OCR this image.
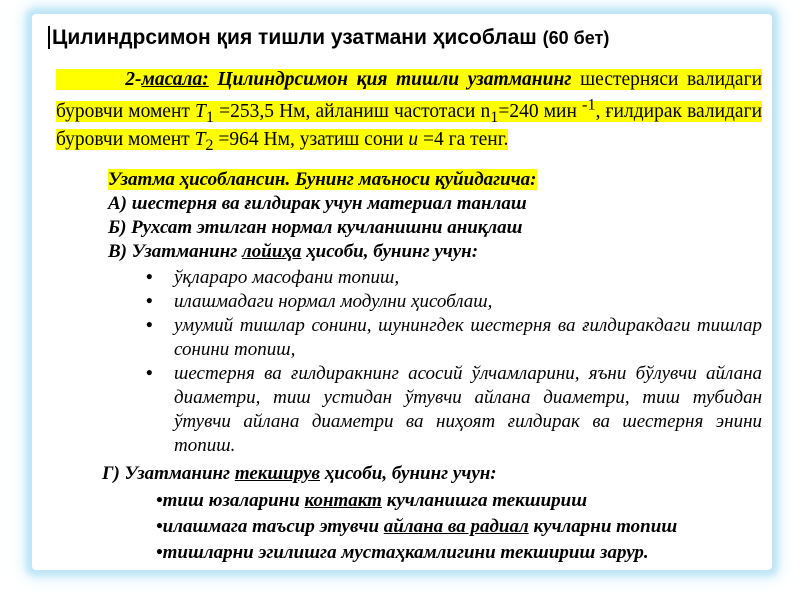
Цилиндрсимон қия тишли узатмани ҳисоблаш (60 бет)
2-масала: Цилиндрсимон қия тишли узатманинг шестерняси валидаги буровчи момент $T_1 =253,5$ Нм, айланиш частотаси $n_1=240$ мин $^{-1}$, ғилдирак валидаги буровчи момент $T_2 =964$ Нм, узатиш сони u =4 га тенг.

Узатма ҳисоблансин. Бунинг маъноси қуйидагича:

А) шестерня ва ғилдирак учун материал танлаш

Б) Рухсат этилган нормал кучланишни аниқлаш

В) Узатманинг лойиҳа ҳисоби, бунинг учун:

• ўқлараро масофани топиш,
• илашмадаги нормал модулни ҳисоблаш,
• умумий тишлар сонини, шунингдек шестерня ва ғилдиракдаги тишлар сонини топиш,
• шестерня ва ғилдиракнинг асосий ўлчамларини, яъни бўлувчи айлана диаметри, тиш устидан ўтувчи айлана диаметри, тиш тубидан ўтувчи айлана диаметри ва ниҳоят ғилдирак ва шестерня энини топиш.

Г) Узатманинг текширув ҳисоби, бунинг учун:

•тиш юзаларини контакт кучланишга текшириш
•илашмага таъсир этувчи айлана ва радиал кучларни топиш
•тишларни эгилишга мустаҳкамлигини текшириш зарур.
